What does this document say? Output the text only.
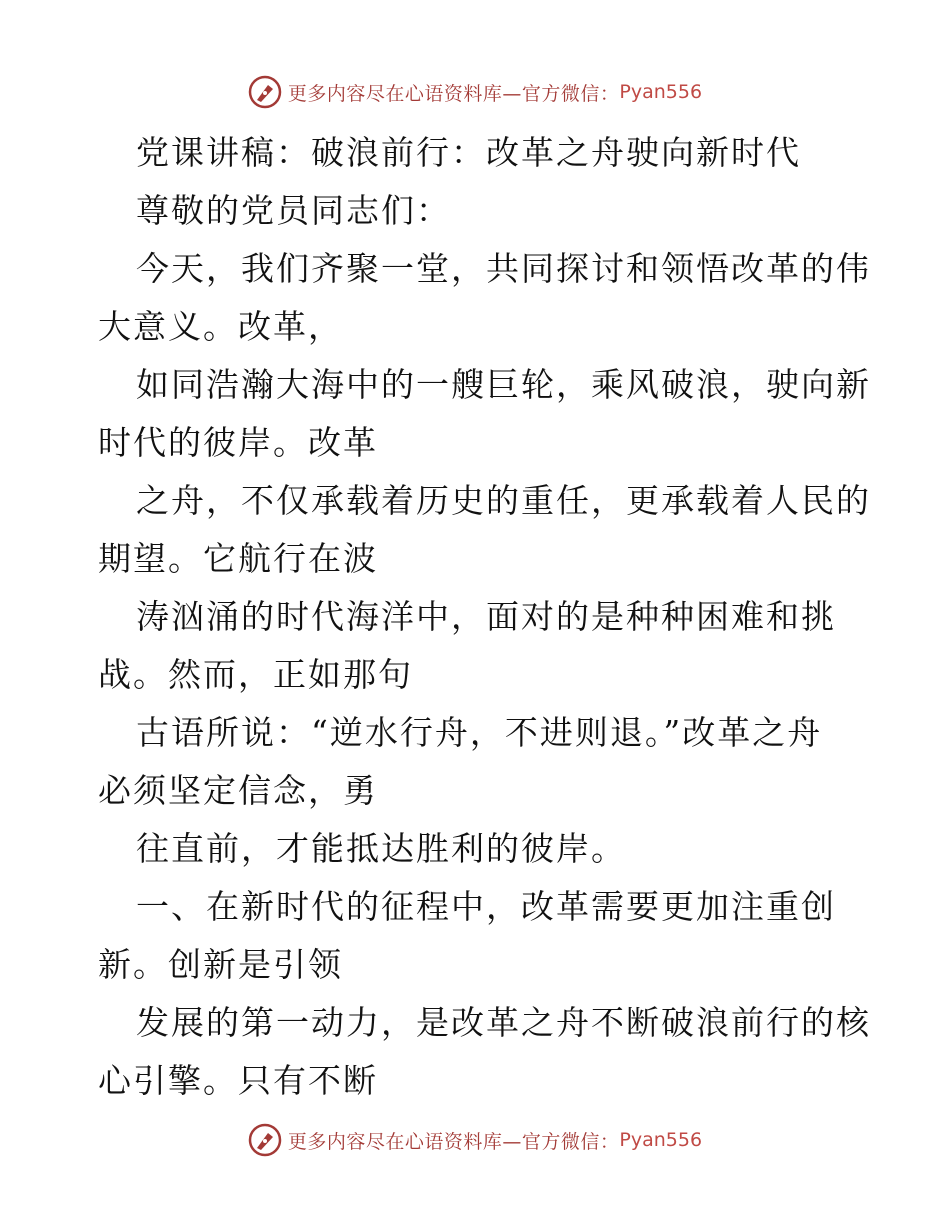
更多内容尽在心语资料库—官方微信： Pyan556
党课讲稿：破浪前行：改革之舟驶向新时代
尊敬的党员同志们：
今天，我们齐聚一堂，共同探讨和领悟改革的伟
大意义。改革，
如同浩瀚大海中的一艘巨轮，乘风破浪，驶向新
时代的彼岸。改革
之舟，不仅承载着历史的重任，更承载着人民的
期望。它航行在波
涛汹涌的时代海洋中，面对的是种种困难和挑
战。然而，正如那句
古语所说：“逆水行舟，不进则退。”改革之舟
必须坚定信念，勇
往直前，才能抵达胜利的彼岸。
一、在新时代的征程中，改革需要更加注重创
新。创新是引领
发展的第一动力，是改革之舟不断破浪前行的核
心引擎。只有不断
更多内容尽在心语资料库—官方微信： Pyan556
